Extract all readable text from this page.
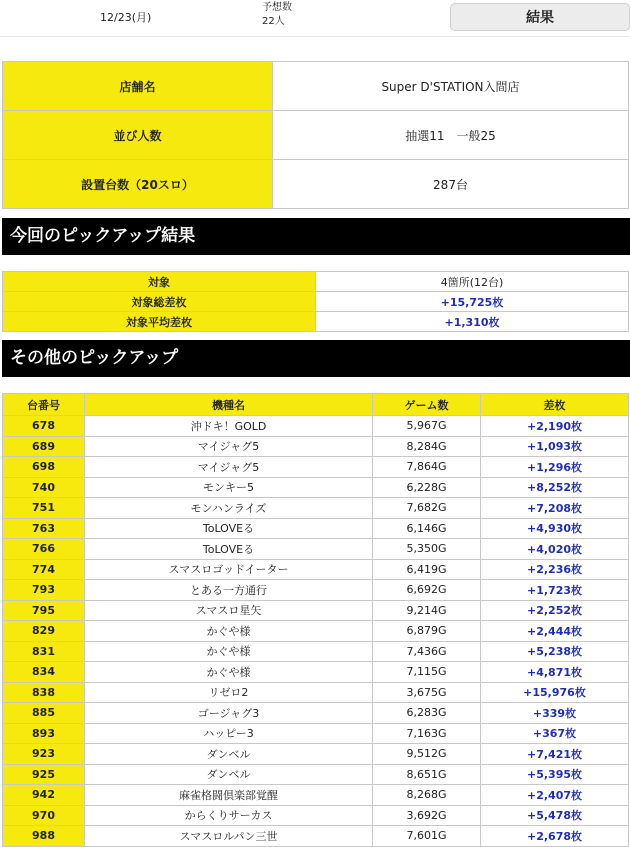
12/23(月)
予想数
22人	結果
店舗名	Super D'STATION入間店
並び人数	抽選11　一般25
設置台数（20スロ）	287台
今回のピックアップ結果
対象	4箇所(12台)
対象総差枚	+15,725枚
対象平均差枚	+1,310枚
その他のピックアップ
台番号	機種名	ゲーム数	差枚
678	沖ドキ！GOLD	5,967G	+2,190枚
689	マイジャグ5	8,284G	+1,093枚
698	マイジャグ5	7,864G	+1,296枚
740	モンキー5	6,228G	+8,252枚
751	モンハンライズ	7,682G	+7,208枚
763	ToLOVEる	6,146G	+4,930枚
766	ToLOVEる	5,350G	+4,020枚
774	スマスロゴッドイーター	6,419G	+2,236枚
793	とある一方通行	6,692G	+1,723枚
795	スマスロ星矢	9,214G	+2,252枚
829	かぐや様	6,879G	+2,444枚
831	かぐや様	7,436G	+5,238枚
834	かぐや様	7,115G	+4,871枚
838	リゼロ2	3,675G	+15,976枚
885	ゴージャグ3	6,283G	+339枚
893	ハッピー3	7,163G	+367枚
923	ダンベル	9,512G	+7,421枚
925	ダンベル	8,651G	+5,395枚
942	麻雀格闘倶楽部覚醒	8,268G	+2,407枚
970	からくりサーカス	3,692G	+5,478枚
988	スマスロルパン三世	7,601G	+2,678枚
